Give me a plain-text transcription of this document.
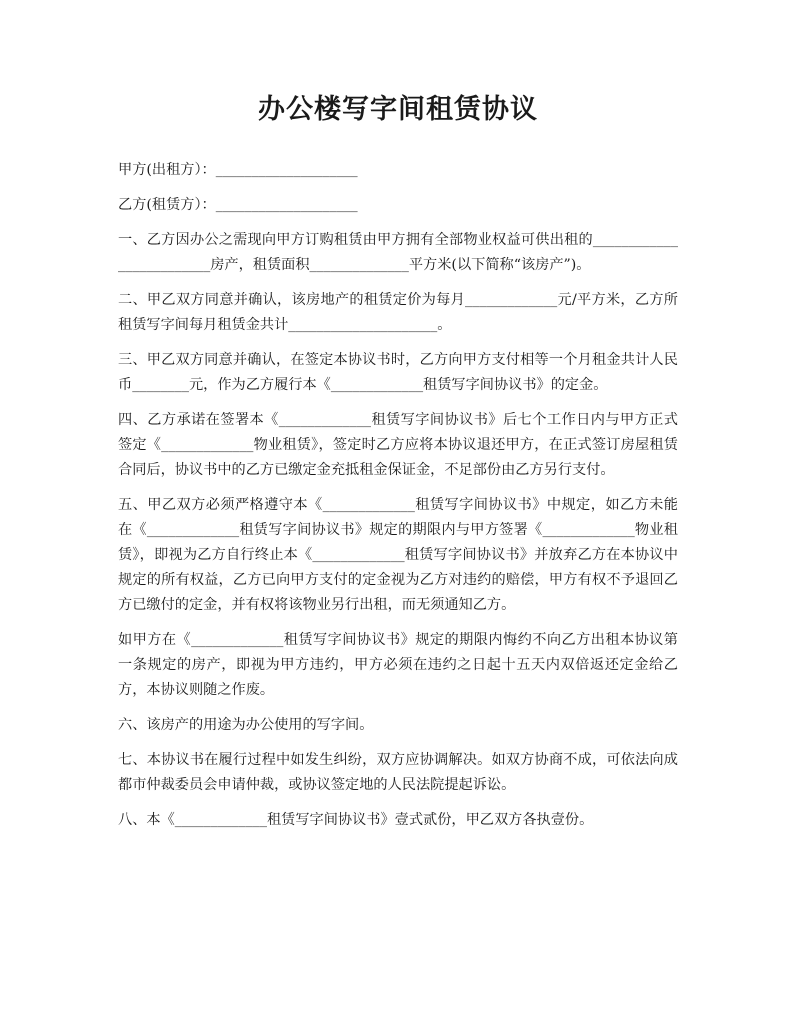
办公楼写字间租赁协议

甲方(出租方）：____________________

乙方(租赁方）：____________________

一、乙方因办公之需现向甲方订购租赁由甲方拥有全部物业权益可供出租的_________________________房产，租赁面积______________平方米(以下简称“该房产”)。

二、甲乙双方同意并确认，该房地产的租赁定价为每月_____________元/平方米，乙方所租赁写字间每月租赁金共计_____________________。

三、甲乙双方同意并确认，在签定本协议书时，乙方向甲方支付相等一个月租金共计人民币________元，作为乙方履行本《_____________租赁写字间协议书》的定金。

四、乙方承诺在签署本《_____________租赁写字间协议书》后七个工作日内与甲方正式签定《_____________物业租赁》，签定时乙方应将本协议退还甲方，在正式签订房屋租赁合同后，协议书中的乙方已缴定金充抵租金保证金，不足部份由乙方另行支付。

五、甲乙双方必须严格遵守本《_____________租赁写字间协议书》中规定，如乙方未能在《_____________租赁写字间协议书》规定的期限内与甲方签署《_____________物业租赁》，即视为乙方自行终止本《_____________租赁写字间协议书》并放弃乙方在本协议中规定的所有权益，乙方已向甲方支付的定金视为乙方对违约的赔偿，甲方有权不予退回乙方已缴付的定金，并有权将该物业另行出租，而无须通知乙方。

如甲方在《_____________租赁写字间协议书》规定的期限内悔约不向乙方出租本协议第一条规定的房产，即视为甲方违约，甲方必须在违约之日起十五天内双倍返还定金给乙方，本协议则随之作废。

六、该房产的用途为办公使用的写字间。

七、本协议书在履行过程中如发生纠纷，双方应协调解决。如双方协商不成，可依法向成都市仲裁委员会申请仲裁，或协议签定地的人民法院提起诉讼。

八、本《_____________租赁写字间协议书》壹式贰份，甲乙双方各执壹份。
